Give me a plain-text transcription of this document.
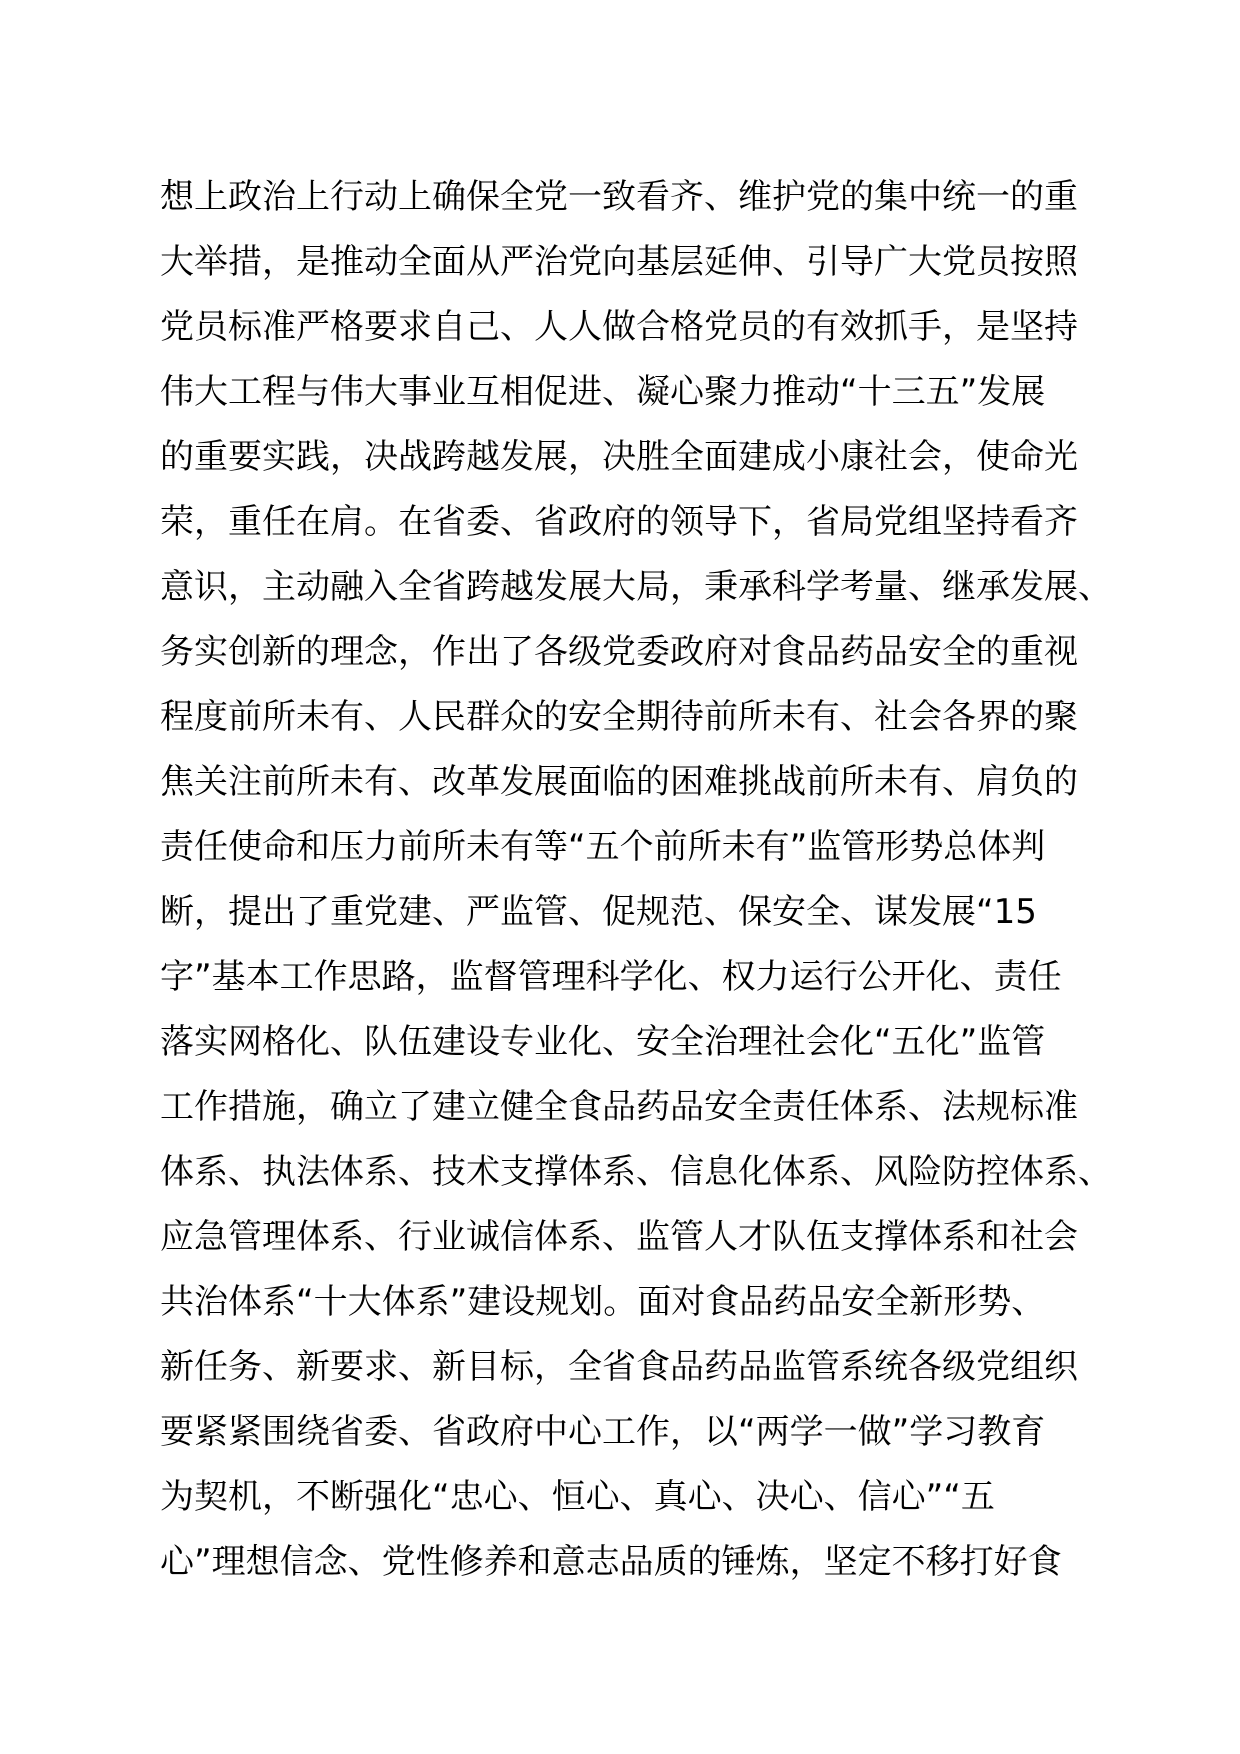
想上政治上行动上确保全党一致看齐、维护党的集中统一的重
大举措，是推动全面从严治党向基层延伸、引导广大党员按照
党员标准严格要求自己、人人做合格党员的有效抓手，是坚持
伟大工程与伟大事业互相促进、凝心聚力推动“十三五”发展
的重要实践，决战跨越发展，决胜全面建成小康社会，使命光
荣，重任在肩。在省委、省政府的领导下，省局党组坚持看齐
意识，主动融入全省跨越发展大局，秉承科学考量、继承发展、
务实创新的理念，作出了各级党委政府对食品药品安全的重视
程度前所未有、人民群众的安全期待前所未有、社会各界的聚
焦关注前所未有、改革发展面临的困难挑战前所未有、肩负的
责任使命和压力前所未有等“五个前所未有”监管形势总体判
断，提出了重党建、严监管、促规范、保安全、谋发展“15
字”基本工作思路，监督管理科学化、权力运行公开化、责任
落实网格化、队伍建设专业化、安全治理社会化“五化”监管
工作措施，确立了建立健全食品药品安全责任体系、法规标准
体系、执法体系、技术支撑体系、信息化体系、风险防控体系、
应急管理体系、行业诚信体系、监管人才队伍支撑体系和社会
共治体系“十大体系”建设规划。面对食品药品安全新形势、
新任务、新要求、新目标，全省食品药品监管系统各级党组织
要紧紧围绕省委、省政府中心工作，以“两学一做”学习教育
为契机，不断强化“忠心、恒心、真心、决心、信心”“五
心”理想信念、党性修养和意志品质的锤炼，坚定不移打好食
